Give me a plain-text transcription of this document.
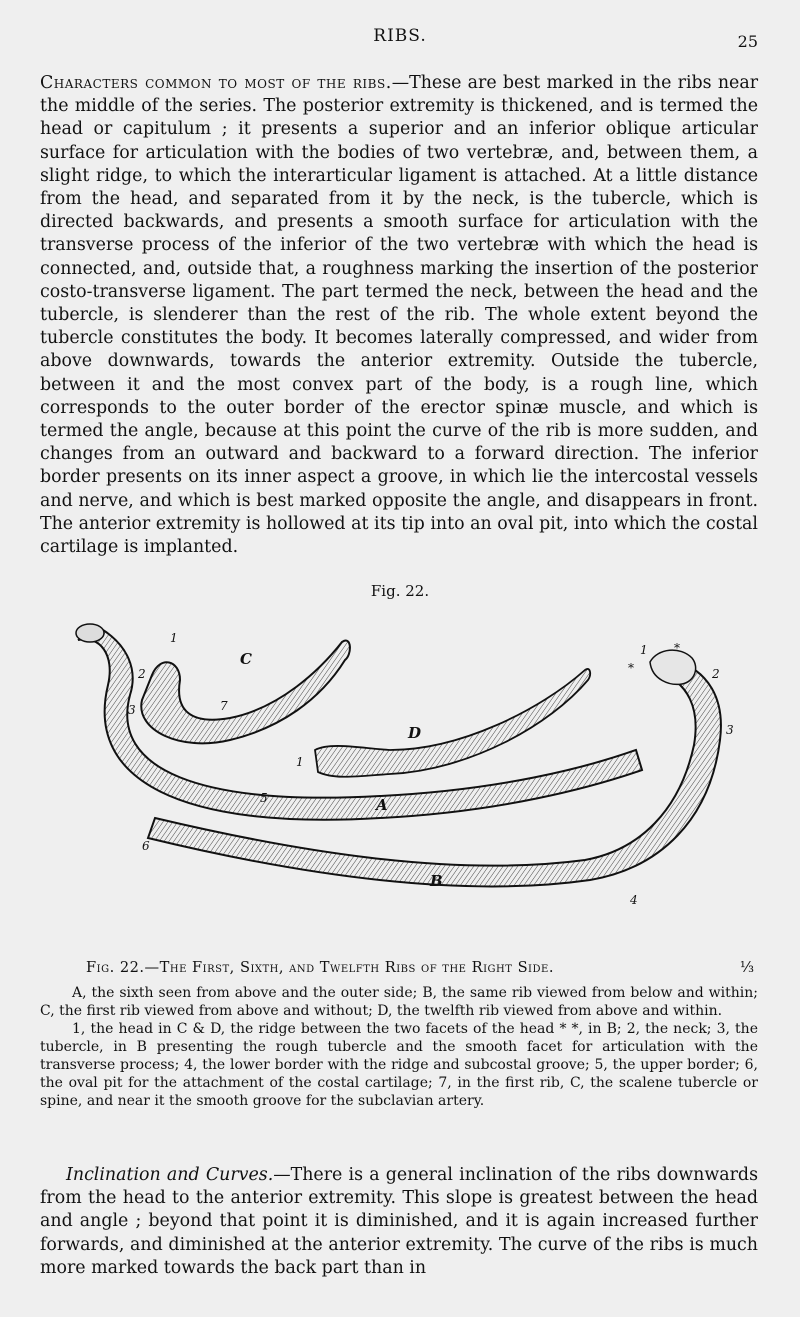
RIBS.	25

Characters common to most of the ribs.—These are best marked in the ribs near the middle of the series. The posterior extremity is thickened, and is termed the head or capitulum ; it presents a superior and an inferior oblique articular surface for articulation with the bodies of two vertebræ, and, between them, a slight ridge, to which the interarticular ligament is attached. At a little distance from the head, and separated from it by the neck, is the tubercle, which is directed backwards, and presents a smooth surface for articulation with the transverse process of the inferior of the two vertebræ with which the head is connected, and, outside that, a roughness marking the insertion of the posterior costo-transverse ligament. The part termed the neck, between the head and the tubercle, is slenderer than the rest of the rib. The whole extent beyond the tubercle constitutes the body. It becomes laterally compressed, and wider from above downwards, towards the anterior extremity. Outside the tubercle, between it and the most convex part of the body, is a rough line, which corresponds to the outer border of the erector spinæ muscle, and which is termed the angle, because at this point the curve of the rib is more sudden, and changes from an outward and backward to a forward direction. The inferior border presents on its inner aspect a groove, in which lie the intercostal vessels and nerve, and which is best marked opposite the angle, and disappears in front. The anterior extremity is hollowed at its tip into an oval pit, into which the costal cartilage is implanted.

Fig. 22.
C
D
A
B
1
2
3	7
1
5
6
4
3
2
1 *
*
Fig. 22.—The First, Sixth, and Twelfth Ribs of the Right Side.	⅓

A, the sixth seen from above and the outer side; B, the same rib viewed from below and within; C, the first rib viewed from above and without; D, the twelfth rib viewed from above and within.

1, the head in C & D, the ridge between the two facets of the head * *, in B; 2, the neck; 3, the tubercle, in B presenting the rough tubercle and the smooth facet for articulation with the transverse process; 4, the lower border with the ridge and subcostal groove; 5, the upper border; 6, the oval pit for the attachment of the costal cartilage; 7, in the first rib, C, the scalene tubercle or spine, and near it the smooth groove for the subclavian artery.

Inclination and Curves.—There is a general inclination of the ribs downwards from the head to the anterior extremity. This slope is greatest between the head and angle ; beyond that point it is diminished, and it is again increased further forwards, and diminished at the anterior extremity. The curve of the ribs is much more marked towards the back part than in
